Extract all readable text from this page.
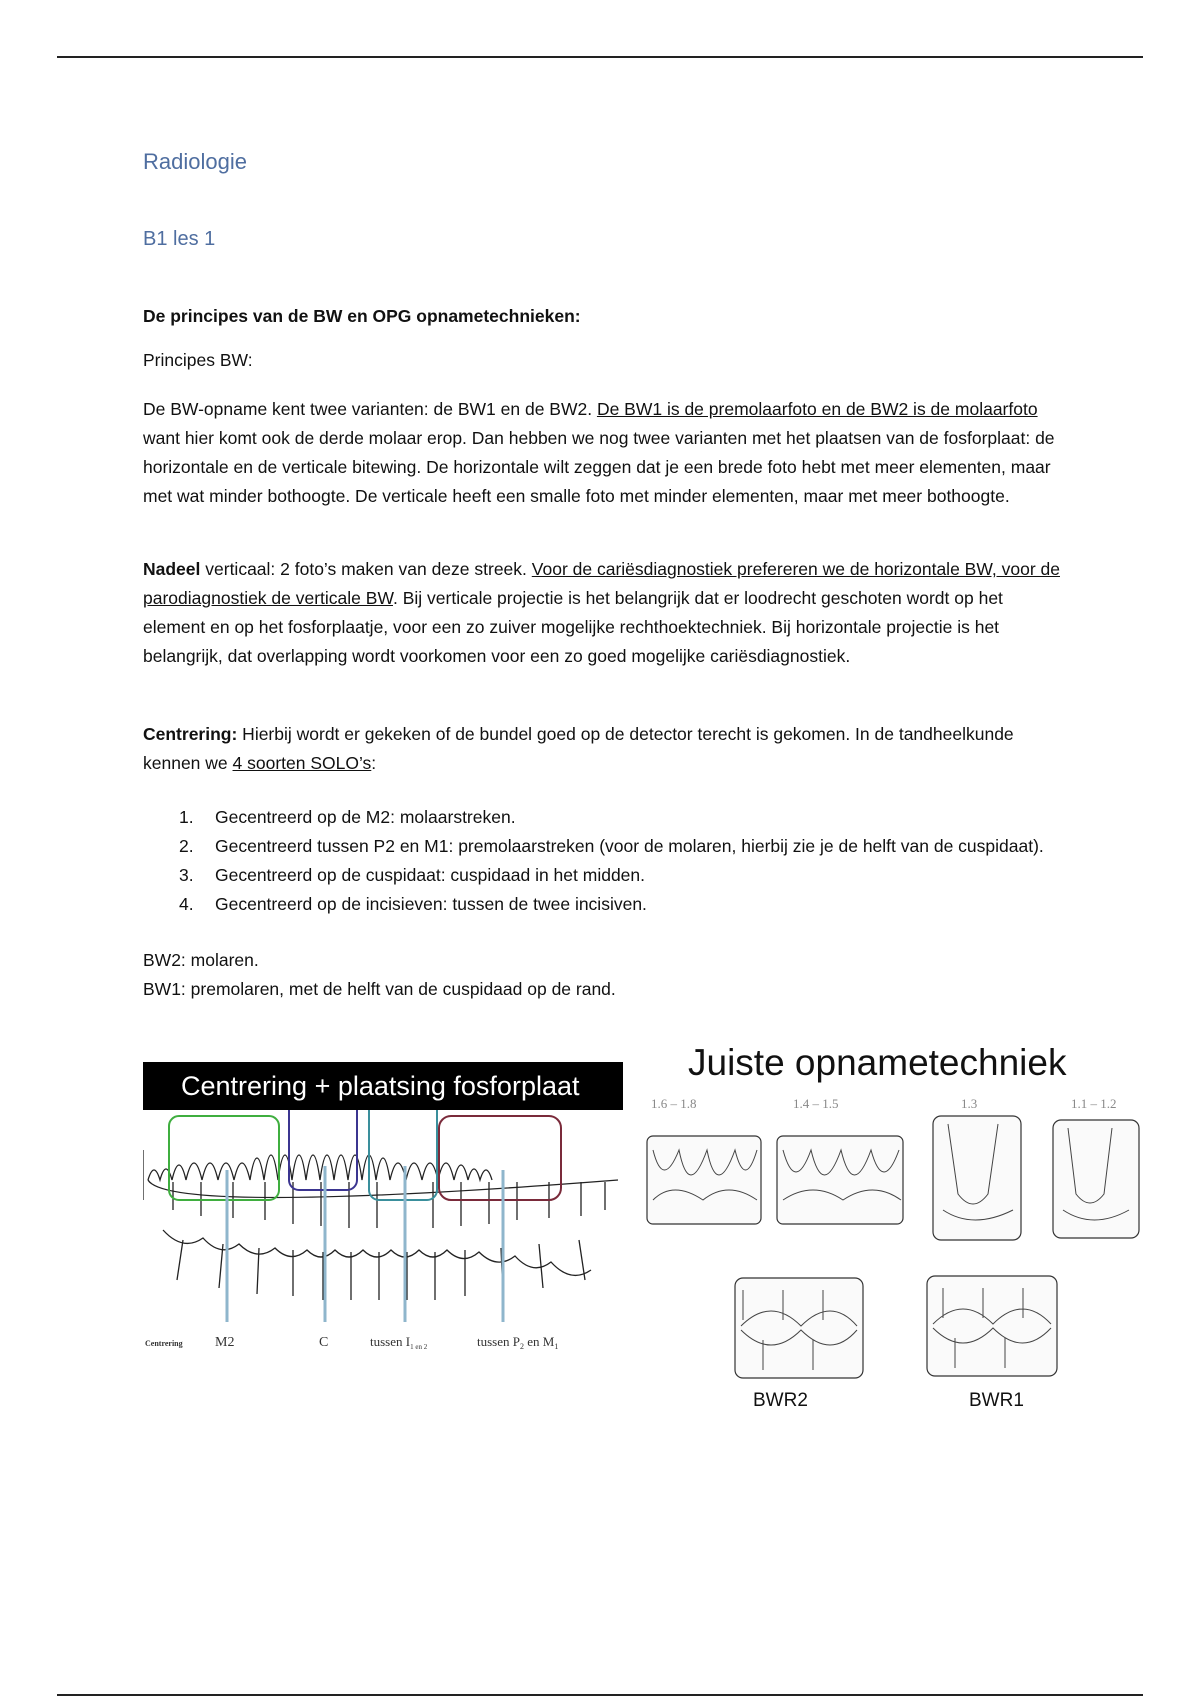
Radiologie
B1 les 1

De principes van de BW en OPG opnametechnieken:

Principes BW:

De BW-opname kent twee varianten: de BW1 en de BW2. De BW1 is de premolaarfoto en de BW2 is de molaarfoto want hier komt ook de derde molaar erop. Dan hebben we nog twee varianten met het plaatsen van de fosforplaat: de horizontale en de verticale bitewing. De horizontale wilt zeggen dat je een brede foto hebt met meer elementen, maar met wat minder bothoogte. De verticale heeft een smalle foto met minder elementen, maar met meer bothoogte.

Nadeel verticaal: 2 foto’s maken van deze streek. Voor de cariësdiagnostiek prefereren we de horizontale BW, voor de parodiagnostiek de verticale BW. Bij verticale projectie is het belangrijk dat er loodrecht geschoten wordt op het element en op het fosforplaatje, voor een zo zuiver mogelijke rechthoektechniek. Bij horizontale projectie is het belangrijk, dat overlapping wordt voorkomen voor een zo goed mogelijke cariësdiagnostiek.

Centrering: Hierbij wordt er gekeken of de bundel goed op de detector terecht is gekomen. In de tandheelkunde kennen we 4 soorten SOLO’s:

1. Gecentreerd op de M2: molaarstreken.
2. Gecentreerd tussen P2 en M1: premolaarstreken (voor de molaren, hierbij zie je de helft van de cuspidaat).
3. Gecentreerd op de cuspidaat: cuspidaad in het midden.
4. Gecentreerd op de incisieven: tussen de twee incisiven.

BW2: molaren.
BW1: premolaren, met de helft van de cuspidaad op de rand.

Centrering + plaatsing fosforplaat
Centrering M2	C	tussen $I_{1 en 2}$	tussen $P_2$ en $M_1$
Juiste opnametechniek
1.6 – 1.8	1.4 – 1.5	1.3	1.1 – 1.2
BWR2	BWR1
